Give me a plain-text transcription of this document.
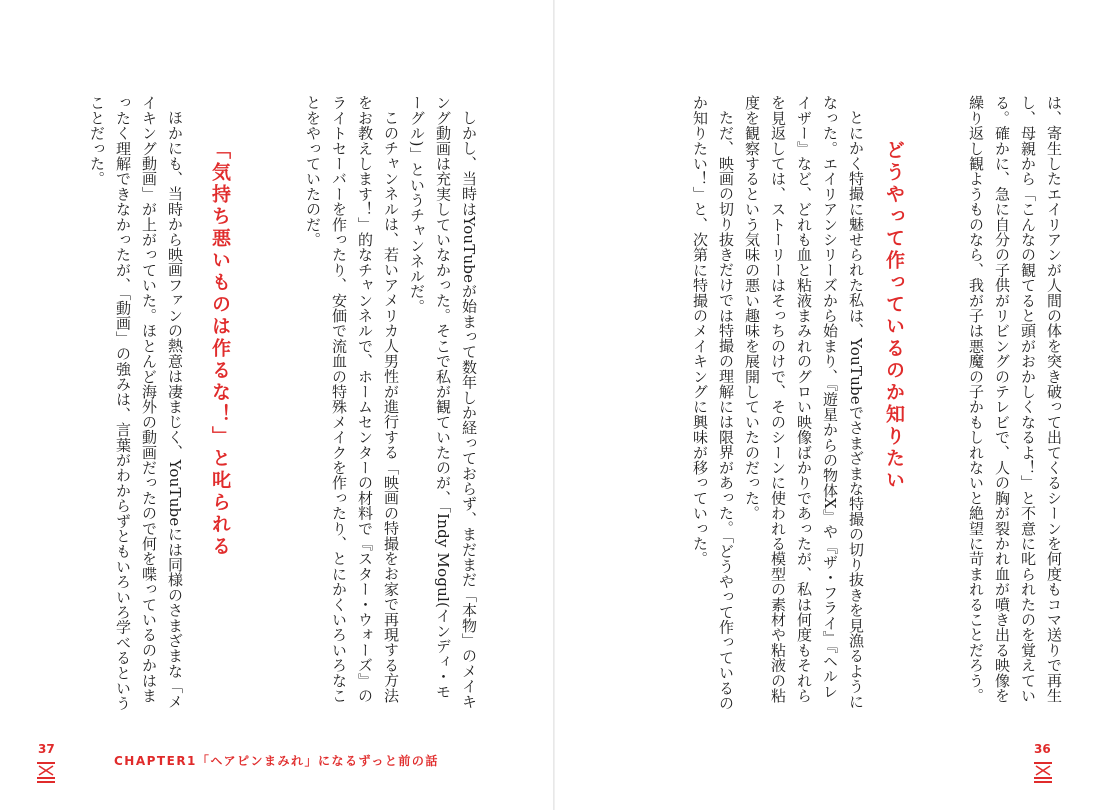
は、寄生したエイリアンが人間の体を突き破って出てくるシーンを何度もコマ送りで再生し、母親から「こんなの観てると頭がおかしくなるよ！」と不意に叱られたのを覚えている。確かに、急に自分の子供がリビングのテレビで、人の胸が裂かれ血が噴き出る映像を繰り返し観ようものなら、我が子は悪魔の子かもしれないと絶望に苛まれることだろう。

どうやって作っているのか知りたい

とにかく特撮に魅せられた私は、YouTubeでさまざまな特撮の切り抜きを見漁るようになった。エイリアンシリーズから始まり、『遊星からの物体X』や『ザ・フライ』『ヘルレイザー』など、どれも血と粘液まみれのグロい映像ばかりであったが、私は何度もそれらを見返しては、ストーリーはそっちのけで、そのシーンに使われる模型の素材や粘液の粘度を観察するという気味の悪い趣味を展開していたのだった。

ただ、映画の切り抜きだけでは特撮の理解には限界があった。「どうやって作っているのか知りたい！」と、次第に特撮のメイキングに興味が移っていった。

36

しかし、当時はYouTubeが始まって数年しか経っておらず、まだまだ「本物」のメイキング動画は充実していなかった。そこで私が観ていたのが、「Indy Mogul(インディ・モーグル)」というチャンネルだ。

このチャンネルは、若いアメリカ人男性が進行する「映画の特撮をお家で再現する方法をお教えします！」的なチャンネルで、ホームセンターの材料で『スター・ウォーズ』のライトセーバーを作ったり、安価で流血の特殊メイクを作ったり、とにかくいろいろなことをやっていたのだ。

「気持ち悪いものは作るな！」と叱られる

ほかにも、当時から映画ファンの熱意は凄まじく、YouTubeには同様のさまざまな「メイキング動画」が上がっていた。ほとんど海外の動画だったので何を喋っているのかはまったく理解できなかったが、「動画」の強みは、言葉がわからずともいろいろ学べるということだった。

37
CHAPTER1「ヘアピンまみれ」になるずっと前の話
